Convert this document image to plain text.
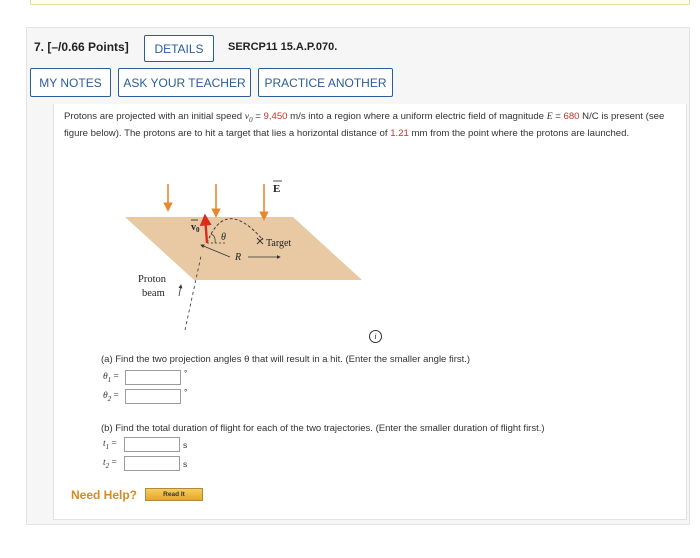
7. [–/0.66 Points]	DETAILS	SERCP11 15.A.P.070.
MY NOTES	ASK YOUR TEACHER	PRACTICE ANOTHER
Protons are projected with an initial speed $v_0 = 9,450$ m/s into a region where a uniform electric field of magnitude E = 680 N/C is present (see figure below). The protons are to hit a target that lies a horizontal distance of 1.21 mm from the point where the protons are launched.
E
$v_0$
θ
Target
R
Proton
beam
i
(a) Find the two projection angles θ that will result in a hit. (Enter the smaller angle first.)
$\theta_1$ =	°
$\theta_2$ =	°
(b) Find the total duration of flight for each of the two trajectories. (Enter the smaller duration of flight first.)
$t_1$ =	s
$t_2$ =	s
Need Help?	Read It
